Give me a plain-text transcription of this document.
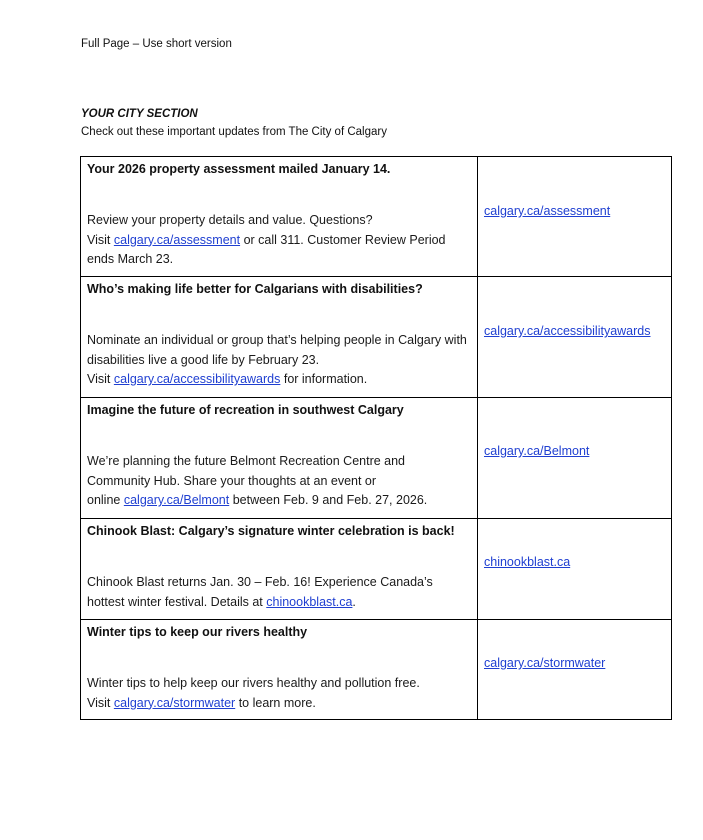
Full Page – Use short version
YOUR CITY SECTION
Check out these important updates from The City of Calgary
Your 2026 property assessment mailed January 14.
Review your property details and value. Questions?
Visit calgary.ca/assessment or call 311. Customer Review Period ends March 23.	calgary.ca/assessment

Who’s making life better for Calgarians with disabilities?
Nominate an individual or group that’s helping people in Calgary with disabilities live a good life by February 23.
Visit calgary.ca/accessibilityawards for information.	calgary.ca/accessibilityawards

Imagine the future of recreation in southwest Calgary
We’re planning the future Belmont Recreation Centre and Community Hub. Share your thoughts at an event or
online calgary.ca/Belmont between Feb. 9 and Feb. 27, 2026.	calgary.ca/Belmont

Chinook Blast: Calgary’s signature winter celebration is back!
Chinook Blast returns Jan. 30 – Feb. 16! Experience Canada’s hottest winter festival. Details at chinookblast.ca.	chinookblast.ca

Winter tips to keep our rivers healthy
Winter tips to help keep our rivers healthy and pollution free.
Visit calgary.ca/stormwater to learn more.	calgary.ca/stormwater
